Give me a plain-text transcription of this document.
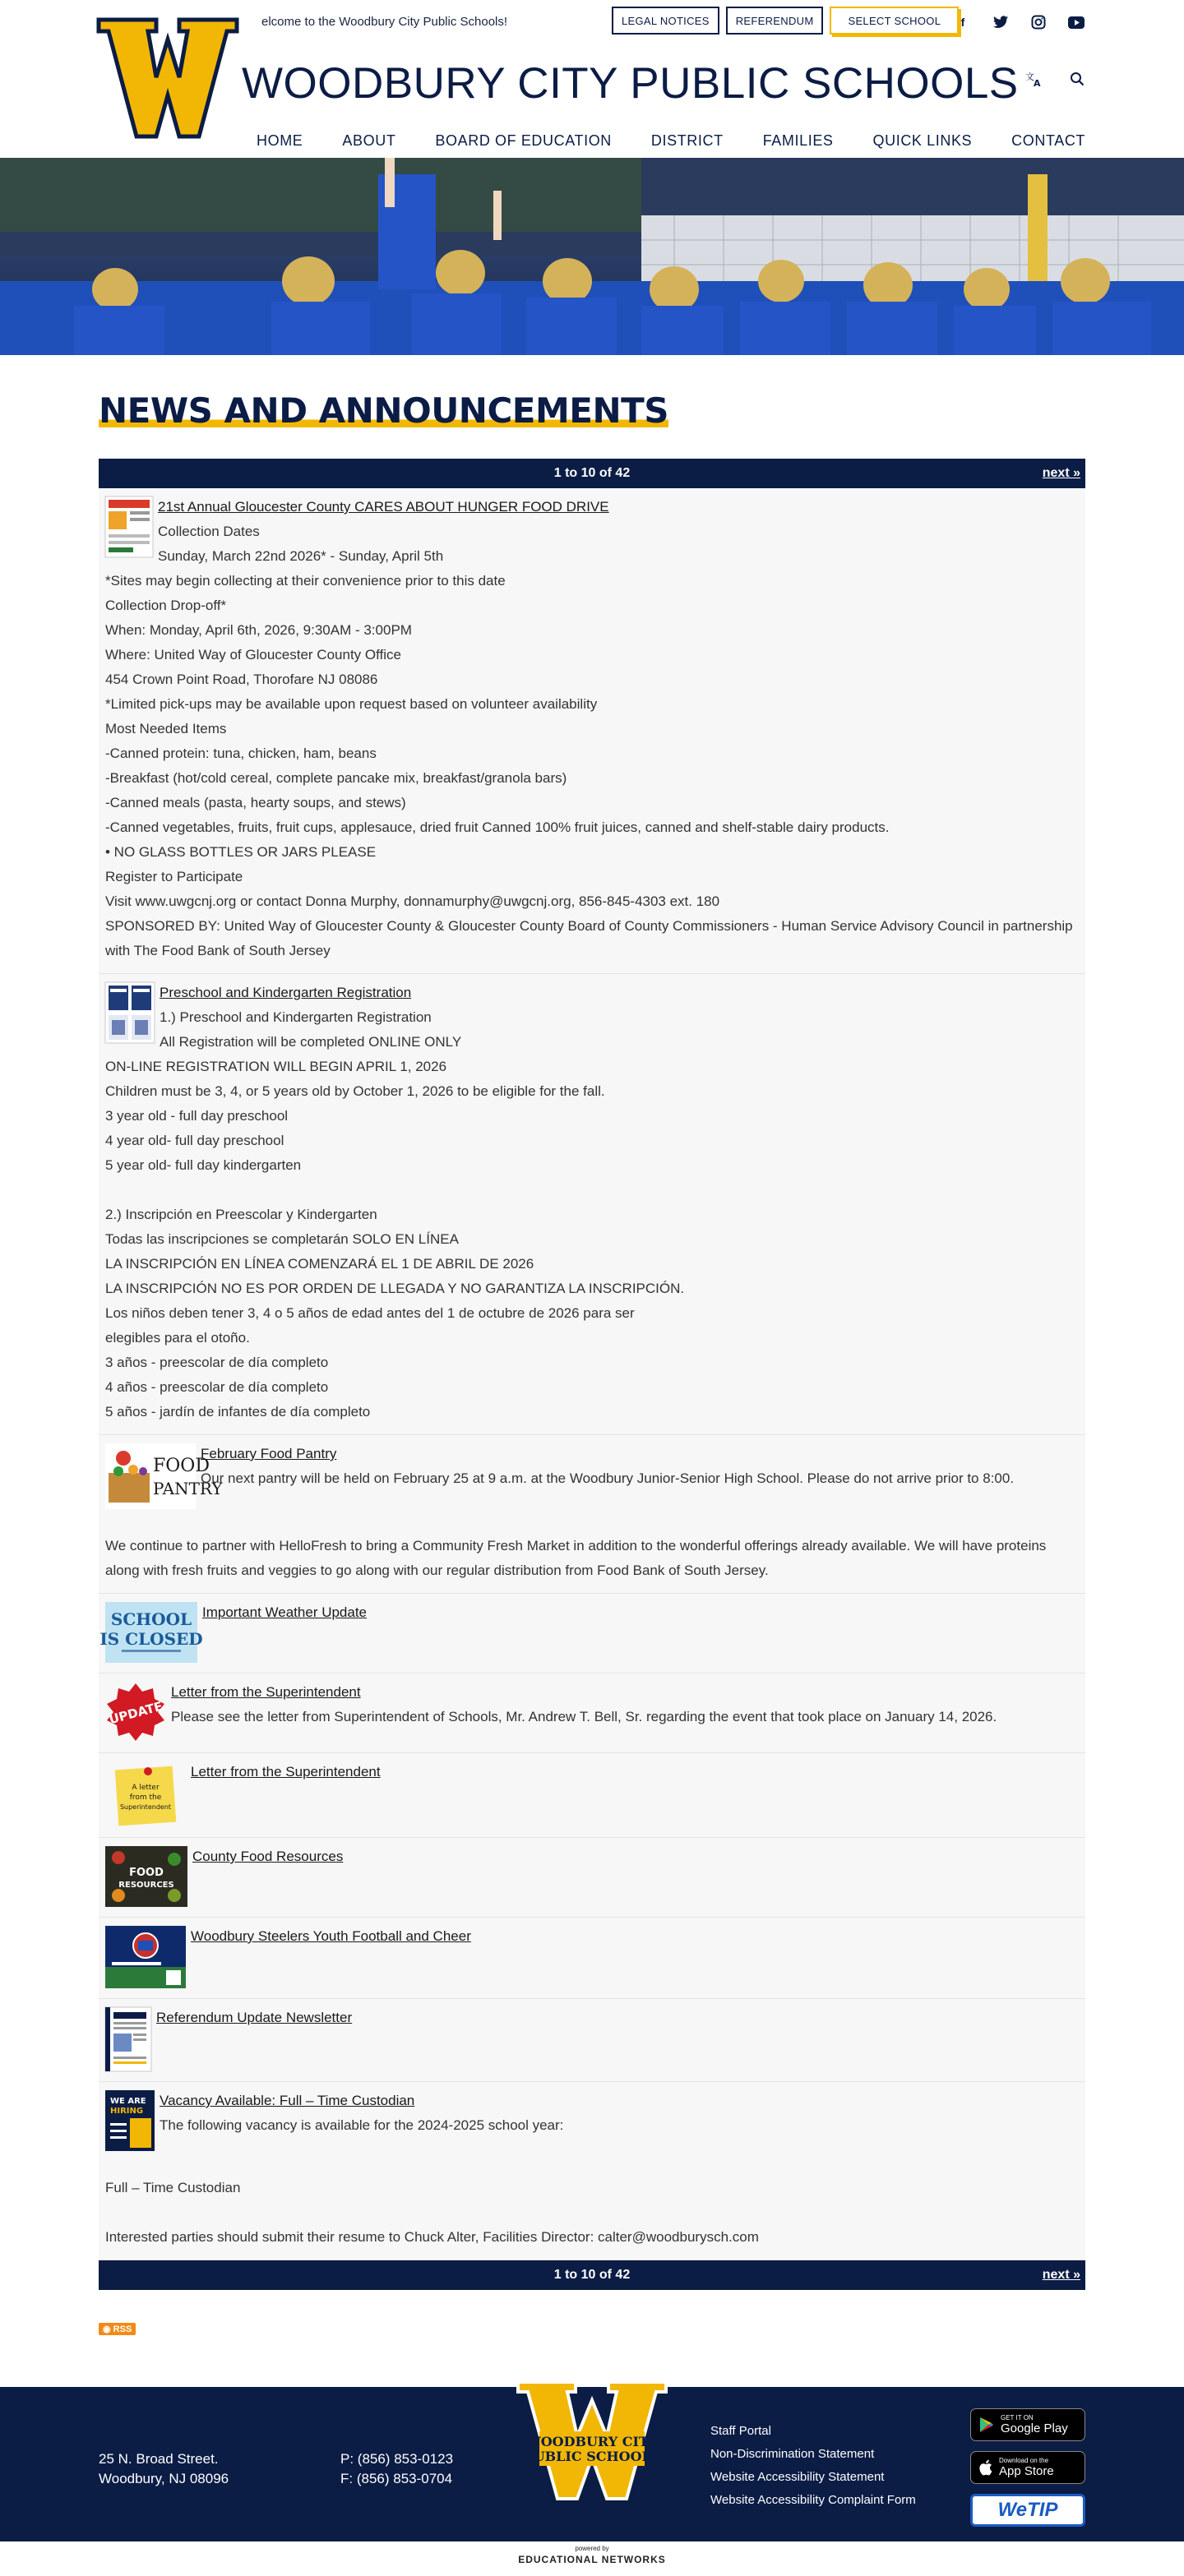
elcome to the Woodbury City Public Schools!	LEGAL NOTICES	REFERENDUM	SELECT SCHOOL	f
WOODBURY CITY PUBLIC SCHOOLS 文
A
HOME	ABOUT	BOARD OF EDUCATION	DISTRICT	FAMILIES	QUICK LINKS	CONTACT
NEWS AND ANNOUNCEMENTS
1 to 10 of 42	next »
21st Annual Gloucester County CARES ABOUT HUNGER FOOD DRIVE
Collection Dates
Sunday, March 22nd 2026* - Sunday, April 5th
*Sites may begin collecting at their convenience prior to this date
Collection Drop-off*
When: Monday, April 6th, 2026, 9:30AM - 3:00PM
Where: United Way of Gloucester County Office
454 Crown Point Road, Thorofare NJ 08086
*Limited pick-ups may be available upon request based on volunteer availability
Most Needed Items
-Canned protein: tuna, chicken, ham, beans
-Breakfast (hot/cold cereal, complete pancake mix, breakfast/granola bars)
-Canned meals (pasta, hearty soups, and stews)
-Canned vegetables, fruits, fruit cups, applesauce, dried fruit Canned 100% fruit juices, canned and shelf-stable dairy products.
• NO GLASS BOTTLES OR JARS PLEASE
Register to Participate
Visit www.uwgcnj.org or contact Donna Murphy, donnamurphy@uwgcnj.org, 856-845-4303 ext. 180
SPONSORED BY: United Way of Gloucester County & Gloucester County Board of County Commissioners - Human Service Advisory Council in partnership with The Food Bank of South Jersey
Preschool and Kindergarten Registration
1.) Preschool and Kindergarten Registration
All Registration will be completed ONLINE ONLY
ON-LINE REGISTRATION WILL BEGIN APRIL 1, 2026
Children must be 3, 4, or 5 years old by October 1, 2026 to be eligible for the fall.
3 year old - full day preschool
4 year old- full day preschool
5 year old- full day kindergarten
2.) Inscripción en Preescolar y Kindergarten
Todas las inscripciones se completarán SOLO EN LÍNEA
LA INSCRIPCIÓN EN LÍNEA COMENZARÁ EL 1 DE ABRIL DE 2026
LA INSCRIPCIÓN NO ES POR ORDEN DE LLEGADA Y NO GARANTIZA LA INSCRIPCIÓN.
Los niños deben tener 3, 4 o 5 años de edad antes del 1 de octubre de 2026 para ser
elegibles para el otoño.
3 años - preescolar de día completo
4 años - preescolar de día completo
5 años - jardín de infantes de día completo
FOOD
PANTRY
February Food Pantry
Our next pantry will be held on February 25 at 9 a.m. at the Woodbury Junior-Senior High School. Please do not arrive prior to 8:00.
We continue to partner with HelloFresh to bring a Community Fresh Market in addition to the wonderful offerings already available. We will have proteins along with fresh fruits and veggies to go along with our regular distribution from Food Bank of South Jersey.
SCHOOL
IS CLOSED
Important Weather Update
UPDATE
Letter from the Superintendent
Please see the letter from Superintendent of Schools, Mr. Andrew T. Bell, Sr. regarding the event that took place on January 14, 2026.
A letter
from the
Superintendent
Letter from the Superintendent
FOOD
RESOURCES
County Food Resources
Woodbury Steelers Youth Football and Cheer
Referendum Update Newsletter
WE ARE
HIRING
Vacancy Available: Full – Time Custodian
The following vacancy is available for the 2024-2025 school year:
Full – Time Custodian
Interested parties should submit their resume to Chuck Alter, Facilities Director: calter@woodburysch.com
1 to 10 of 42	next »
◉ RSS
25 N. Broad Street.
Woodbury, NJ 08096
P: (856) 853-0123
F: (856) 853-0704
WOODBURY CITY
PUBLIC SCHOOLS
Staff Portal
Non-Discrimination Statement
Website Accessibility Statement
Website Accessibility Complaint Form
GET IT ON
Google Play
Download on the
App Store
WeTIP
powered by
EDUCATIONAL NETWORKS
